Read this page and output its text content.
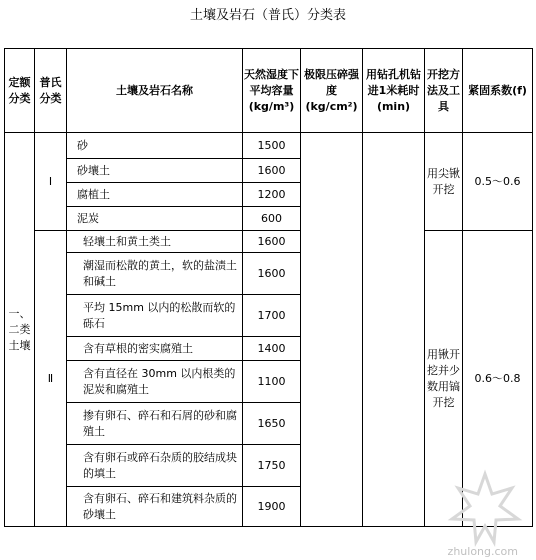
土壤及岩石（普氏）分类表
定额分类	普氏分类	土壤及岩石名称	天然湿度下平均容量(kg/m³)	极限压碎强度(kg/cm²)	用钻孔机钻进1米耗时(min)	开挖方法及工具	紧固系数(f)
一、二类土壤	Ⅰ	砂	1500			用尖锹开挖	0.5～0.6
		砂壤土	1600				
		腐植土	1200				
		泥炭	600				
	Ⅱ	轻壤土和黄土类土	1600			用锹开挖并少数用镐开挖	0.6～0.8
		潮湿而松散的黄土，软的盐渍土和碱土	1600				
		平均 15mm 以内的松散而软的砾石	1700				
		含有草根的密实腐殖土	1400				
		含有直径在 30mm 以内根类的泥炭和腐殖土	1100				
		掺有卵石、碎石和石屑的砂和腐殖土	1650				
		含有卵石或碎石杂质的胶结成块的填土	1750				
		含有卵石、碎石和建筑料杂质的砂壤土	1900				
zhulong.com
